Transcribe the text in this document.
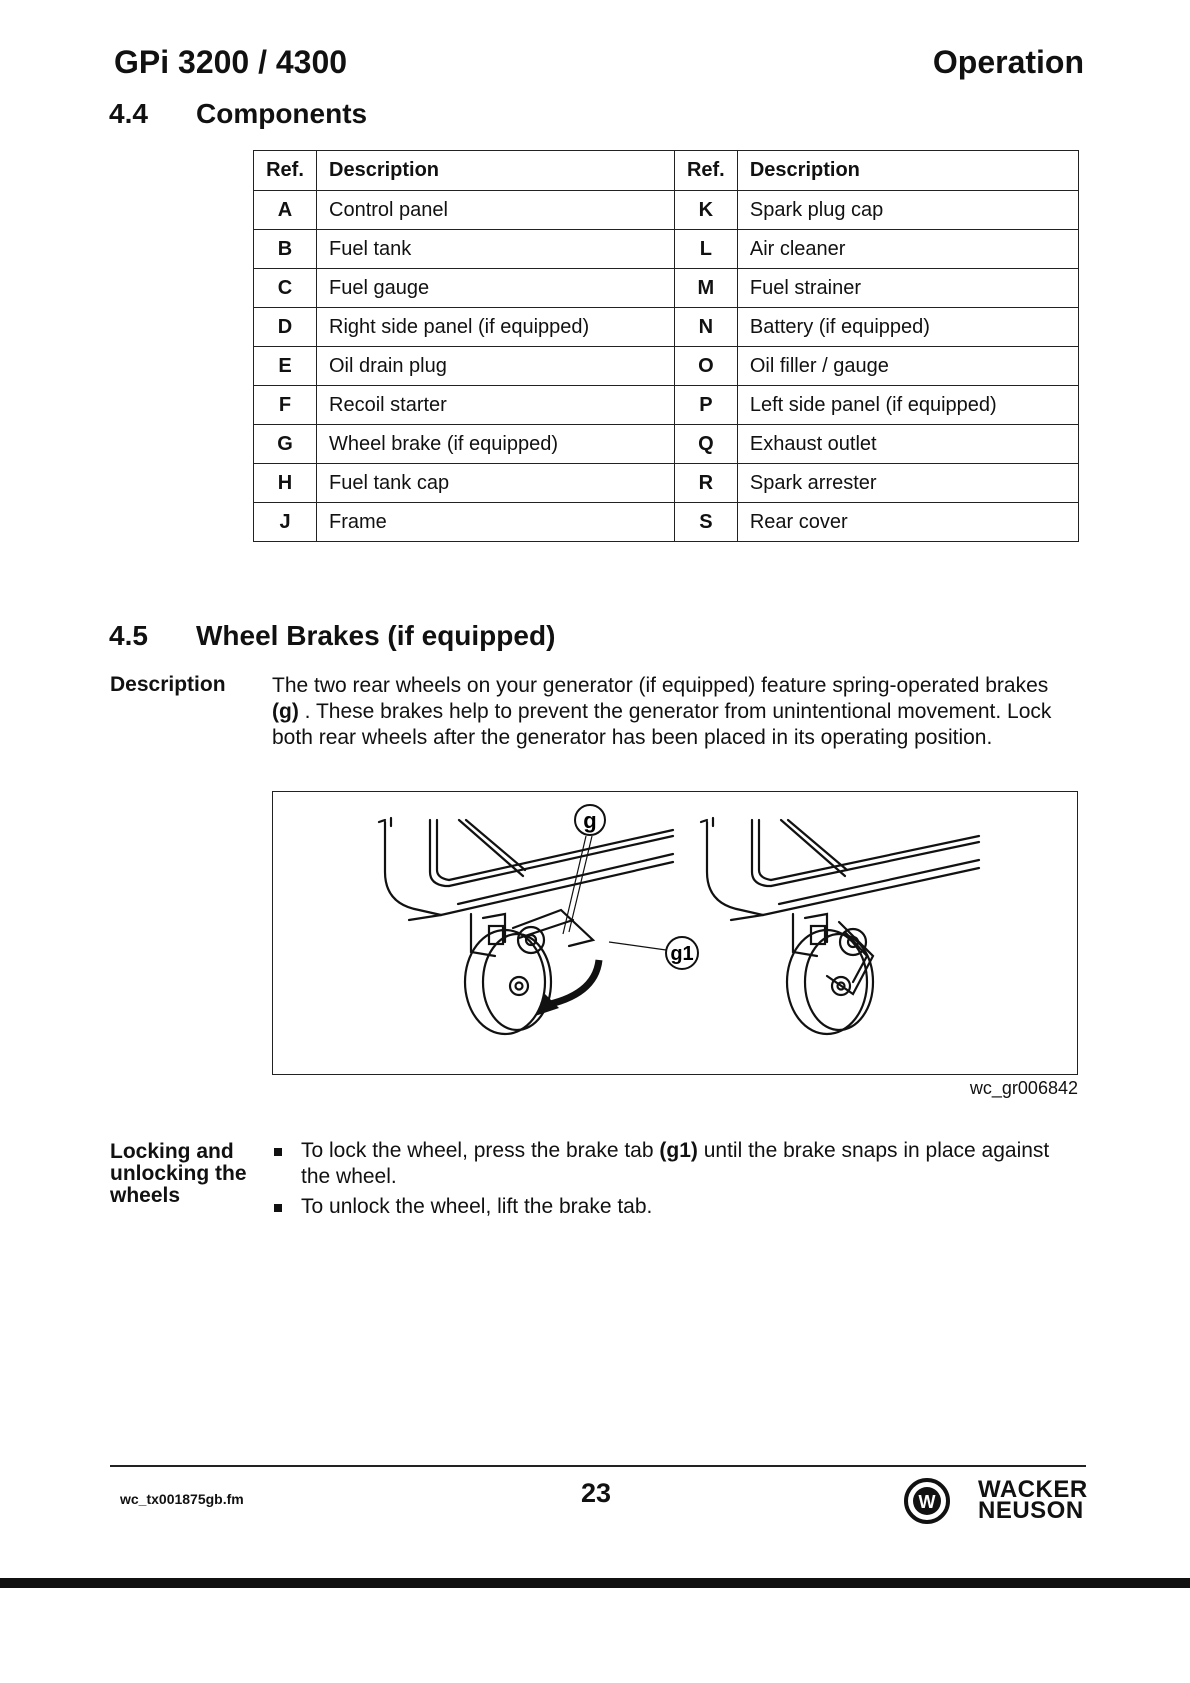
GPi 3200 / 4300	Operation
4.4 Components
Ref.	Description	Ref.	Description
A	Control panel	K	Spark plug cap
B	Fuel tank	L	Air cleaner
C	Fuel gauge	M	Fuel strainer
D	Right side panel (if equipped)	N	Battery (if equipped)
E	Oil drain plug	O	Oil filler / gauge
F	Recoil starter	P	Left side panel (if equipped)
G	Wheel brake (if equipped)	Q	Exhaust outlet
H	Fuel tank cap	R	Spark arrester
J	Frame	S	Rear cover
4.5 Wheel Brakes (if equipped)
Description The two rear wheels on your generator (if equipped) feature spring-operated brakes (g) . These brakes help to prevent the generator from unintentional movement. Lock both rear wheels after the generator has been placed in its operating position.
g
g1
wc_gr006842
Locking and unlocking the wheels
To lock the wheel, press the brake tab (g1) until the brake snaps in place against the wheel.
To unlock the wheel, lift the brake tab.
wc_tx001875gb.fm	23	W WACKER
NEUSON
